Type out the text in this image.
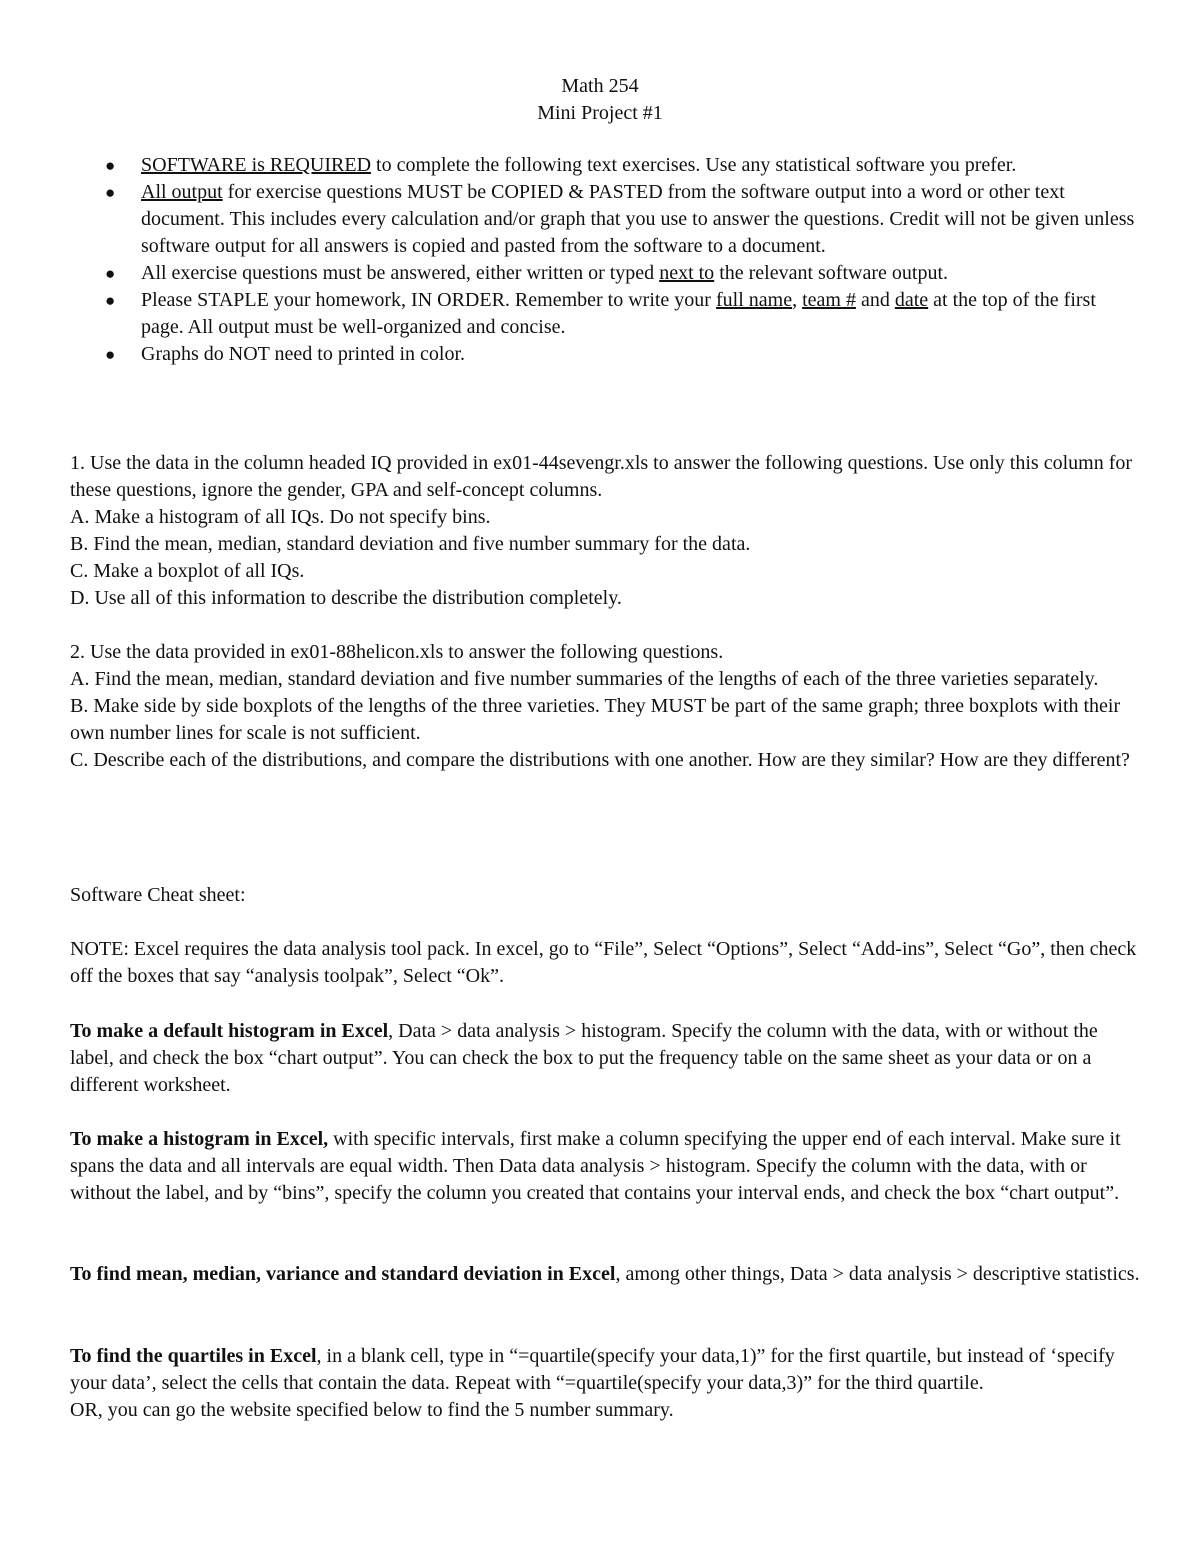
Math 254
Mini Project #1
● SOFTWARE is REQUIRED to complete the following text exercises. Use any statistical software you prefer.
● All output for exercise questions MUST be COPIED & PASTED from the software output into a word or other text document. This includes every calculation and/or graph that you use to answer the questions. Credit will not be given unless software output for all answers is copied and pasted from the software to a document.
● All exercise questions must be answered, either written or typed next to the relevant software output.
● Please STAPLE your homework, IN ORDER. Remember to write your full name, team # and date at the top of the first page. All output must be well-organized and concise.
● Graphs do NOT need to printed in color.

1. Use the data in the column headed IQ provided in ex01-44sevengr.xls to answer the following questions. Use only this column for these questions, ignore the gender, GPA and self-concept columns.

A. Make a histogram of all IQs. Do not specify bins.

B. Find the mean, median, standard deviation and five number summary for the data.

C. Make a boxplot of all IQs.

D. Use all of this information to describe the distribution completely.

2. Use the data provided in ex01-88helicon.xls to answer the following questions.

A. Find the mean, median, standard deviation and five number summaries of the lengths of each of the three varieties separately.

B. Make side by side boxplots of the lengths of the three varieties. They MUST be part of the same graph; three boxplots with their own number lines for scale is not sufficient.

C. Describe each of the distributions, and compare the distributions with one another. How are they similar? How are they different?

Software Cheat sheet:
NOTE: Excel requires the data analysis tool pack. In excel, go to “File”, Select “Options”, Select “Add-ins”, Select “Go”, then check off the boxes that say “analysis toolpak”, Select “Ok”.
To make a default histogram in Excel, Data > data analysis > histogram. Specify the column with the data, with or without the label, and check the box “chart output”. You can check the box to put the frequency table on the same sheet as your data or on a different worksheet.
To make a histogram in Excel, with specific intervals, first make a column specifying the upper end of each interval. Make sure it spans the data and all intervals are equal width. Then Data data analysis > histogram. Specify the column with the data, with or without the label, and by “bins”, specify the column you created that contains your interval ends, and check the box “chart output”.
To find mean, median, variance and standard deviation in Excel, among other things, Data > data analysis > descriptive statistics.
To find the quartiles in Excel, in a blank cell, type in “=quartile(specify your data,1)” for the first quartile, but instead of ‘specify your data’, select the cells that contain the data. Repeat with “=quartile(specify your data,3)” for the third quartile.

OR, you can go the website specified below to find the 5 number summary.
